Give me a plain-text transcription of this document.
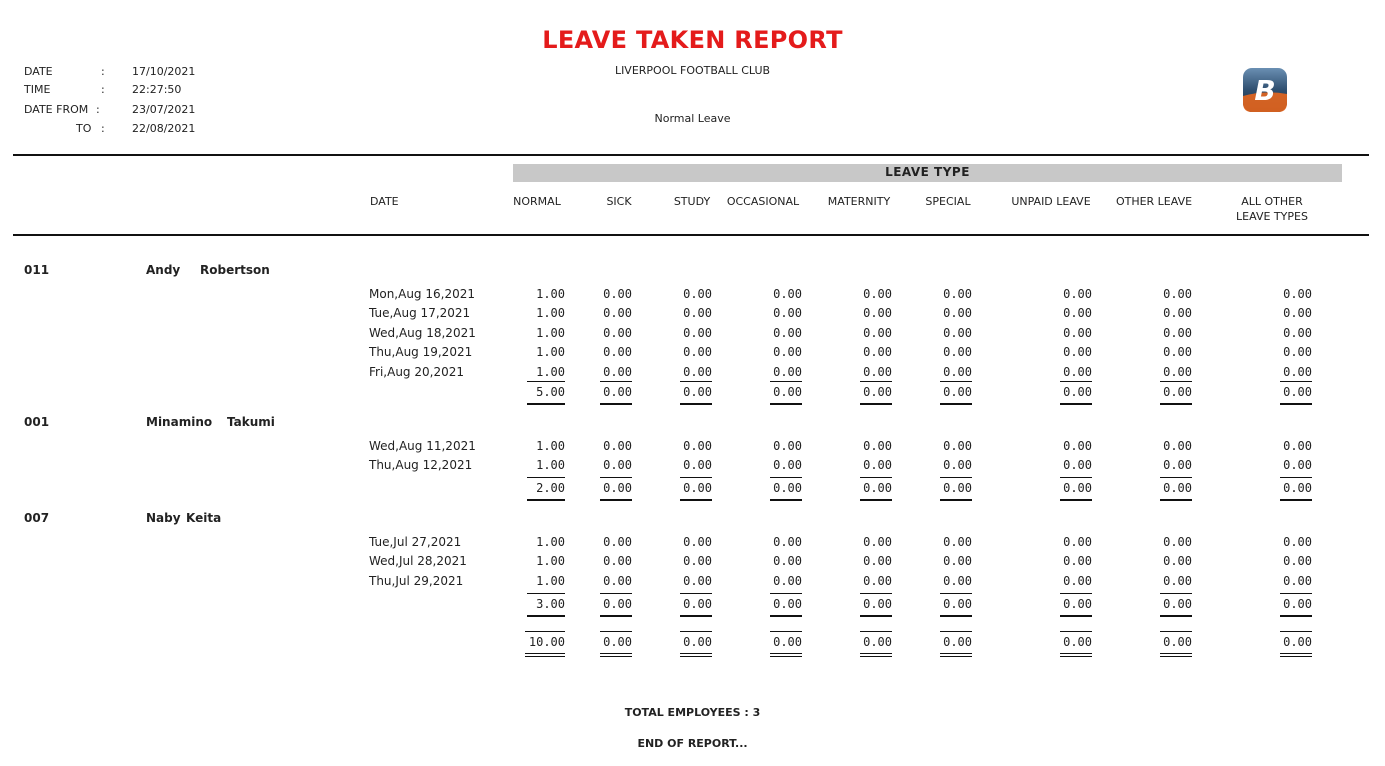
LEAVE TAKEN REPORT
LIVERPOOL FOOTBALL CLUB
Normal Leave
DATE	: 17/10/2021
TIME	: 22:27:50
DATE FROM :	23/07/2021
TO : 22/08/2021
B
LEAVE TYPE
DATE	NORMAL	SICK	STUDY	OCCASIONAL	MATERNITY	SPECIAL	UNPAID LEAVE	OTHER LEAVE	ALL OTHER LEAVE TYPES
011	Andy Robertson
Mon,Aug 16,2021	1.00	0.00	0.00	0.00	0.00	0.00	0.00	0.00	0.00
Tue,Aug 17,2021	1.00	0.00	0.00	0.00	0.00	0.00	0.00	0.00	0.00
Wed,Aug 18,2021	1.00	0.00	0.00	0.00	0.00	0.00	0.00	0.00	0.00
Thu,Aug 19,2021	1.00	0.00	0.00	0.00	0.00	0.00	0.00	0.00	0.00
Fri,Aug 20,2021	1.00	0.00	0.00	0.00	0.00	0.00	0.00	0.00	0.00
5.00	0.00	0.00	0.00	0.00	0.00	0.00	0.00	0.00
001	Minamino Takumi
Wed,Aug 11,2021	1.00	0.00	0.00	0.00	0.00	0.00	0.00	0.00	0.00
Thu,Aug 12,2021	1.00	0.00	0.00	0.00	0.00	0.00	0.00	0.00	0.00
2.00	0.00	0.00	0.00	0.00	0.00	0.00	0.00	0.00
007	Naby Keita
Tue,Jul 27,2021	1.00	0.00	0.00	0.00	0.00	0.00	0.00	0.00	0.00
Wed,Jul 28,2021	1.00	0.00	0.00	0.00	0.00	0.00	0.00	0.00	0.00
Thu,Jul 29,2021	1.00	0.00	0.00	0.00	0.00	0.00	0.00	0.00	0.00
3.00	0.00	0.00	0.00	0.00	0.00	0.00	0.00	0.00
10.00	0.00	0.00	0.00	0.00	0.00	0.00	0.00	0.00
TOTAL EMPLOYEES : 3
END OF REPORT...
